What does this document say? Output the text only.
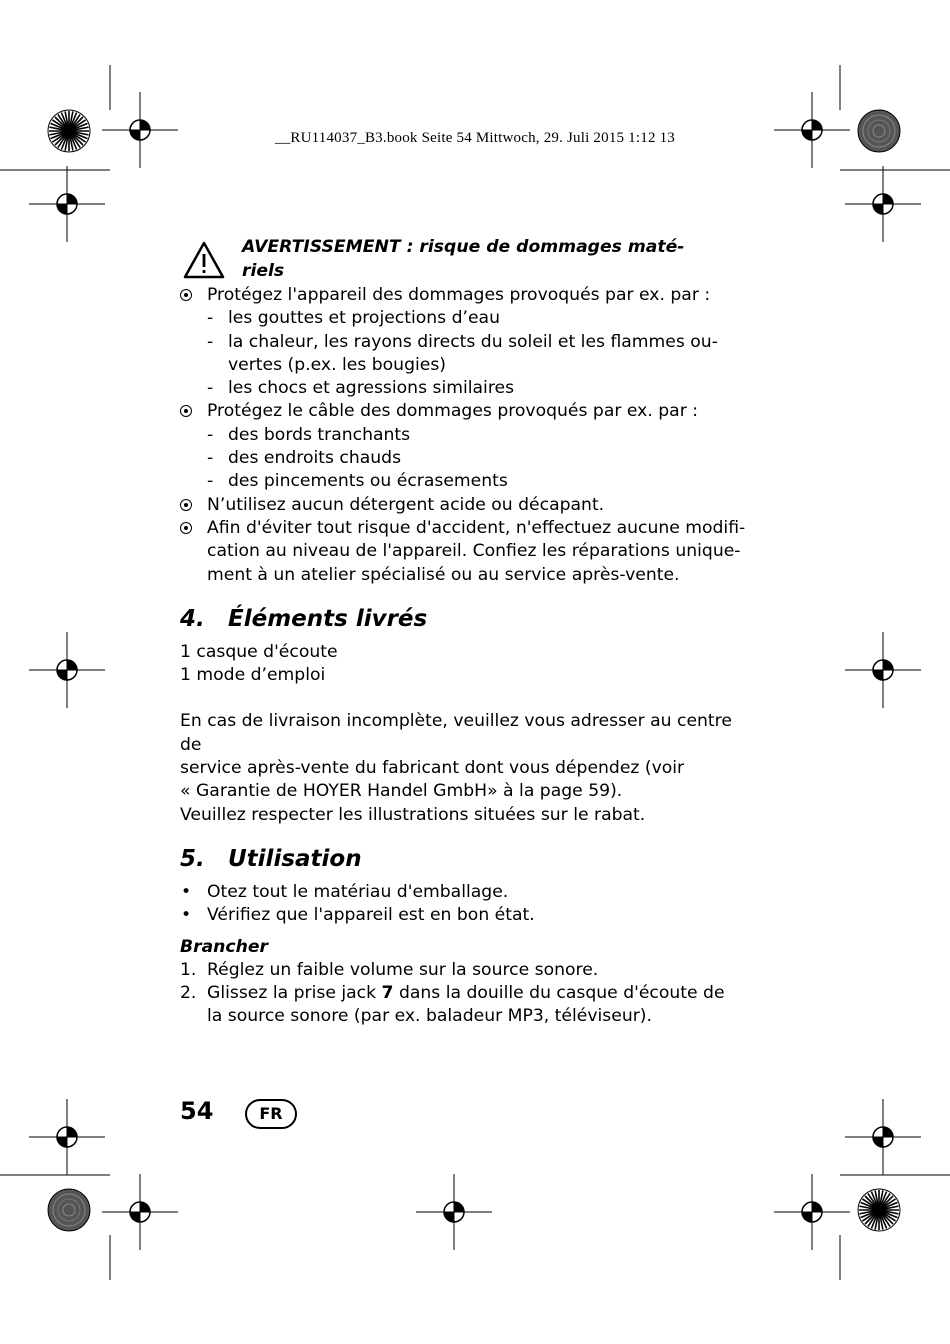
__RU114037_B3.book Seite 54 Mittwoch, 29. Juli 2015 1:12 13
AVERTISSEMENT : risque de dommages maté-
riels
Protégez l'appareil des dommages provoqués par ex. par :
- les gouttes et projections d’eau
- la chaleur, les rayons directs du soleil et les flammes ou-
vertes (p.ex. les bougies)
- les chocs et agressions similaires
Protégez le câble des dommages provoqués par ex. par :
- des bords tranchants
- des endroits chauds
- des pincements ou écrasements
N’utilisez aucun détergent acide ou décapant.
Afin d'éviter tout risque d'accident, n'effectuez aucune modifi-
cation au niveau de l'appareil. Confiez les réparations unique-
ment à un atelier spécialisé ou au service après-vente.
4. Éléments livrés
1 casque d'écoute
1 mode d’emploi
En cas de livraison incomplète, veuillez vous adresser au centre de
service après-vente du fabricant dont vous dépendez (voir
« Garantie de HOYER Handel GmbH» à la page 59).
Veuillez respecter les illustrations situées sur le rabat.
5. Utilisation
• Otez tout le matériau d'emballage.
• Vérifiez que l'appareil est en bon état.
Brancher
1. Réglez un faible volume sur la source sonore.
2. Glissez la prise jack 7 dans la douille du casque d'écoute de
la source sonore (par ex. baladeur MP3, téléviseur).
54	FR
